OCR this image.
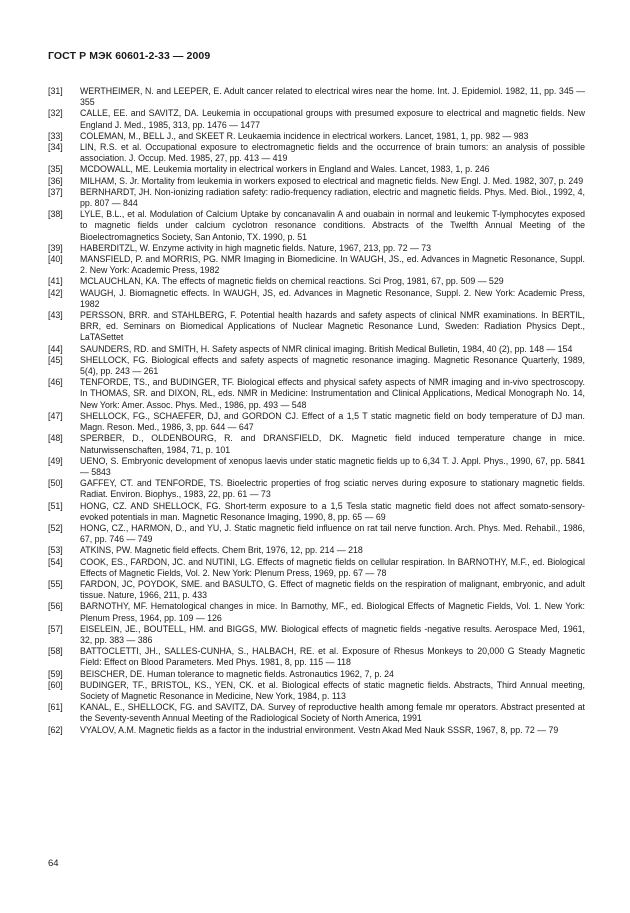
ГОСТ Р МЭК 60601-2-33 — 2009
[31]	WERTHEIMER, N. and LEEPER, E. Adult cancer related to electrical wires near the home. Int. J. Epidemiol. 1982, 11, pp. 345 — 355
[32]	CALLE, EE. and SAVITZ, DA. Leukemia in occupational groups with presumed exposure to electrical and magnetic fields. New England J. Med., 1985, 313, pp. 1476 — 1477
[33]	COLEMAN, M., BELL J., and SKEET R. Leukaemia incidence in electrical workers. Lancet, 1981, 1, pp. 982 — 983
[34]	LIN, R.S. et al. Occupational exposure to electromagnetic fields and the occurrence of brain tumors: an analysis of possible association. J. Occup. Med. 1985, 27, pp. 413 — 419
[35]	MCDOWALL, ME. Leukemia mortality in electrical workers in England and Wales. Lancet, 1983, 1, p. 246
[36]	MILHAM, S. Jr. Mortality from leukemia in workers exposed to electrical and magnetic fields. New Engl. J. Med. 1982, 307, p. 249
[37]	BERNHARDT, JH. Non-ionizing radiation safety: radio-frequency radiation, electric and magnetic fields. Phys. Med. Biol., 1992, 4, pp. 807 — 844
[38]	LYLE, B.L., et al. Modulation of Calcium Uptake by concanavalin A and ouabain in normal and leukemic T-lymphocytes exposed to magnetic fields under calcium cyclotron resonance conditions. Abstracts of the Twelfth Annual Meeting of the Bioelectromagnetics Society, San Antonio, TX. 1990, p. 51
[39]	HABERDITZL, W. Enzyme activity in high magnetic fields. Nature, 1967, 213, pp. 72 — 73
[40]	MANSFIELD, P. and MORRIS, PG. NMR Imaging in Biomedicine. In WAUGH, JS., ed. Advances in Magnetic Resonance, Suppl. 2. New York: Academic Press, 1982
[41]	MCLAUCHLAN, KA. The effects of magnetic fields on chemical reactions. Sci Prog, 1981, 67, pp. 509 — 529
[42]	WAUGH, J. Biomagnetic effects. In WAUGH, JS, ed. Advances in Magnetic Resonance, Suppl. 2. New York: Academic Press, 1982
[43]	PERSSON, BRR. and STAHLBERG, F. Potential health hazards and safety aspects of clinical NMR examinations. In BERTIL, BRR, ed. Seminars on Biomedical Applications of Nuclear Magnetic Resonance Lund, Sweden: Radiation Physics Dept., LaTASettet
[44]	SAUNDERS, RD. and SMITH, H. Safety aspects of NMR clinical imaging. British Medical Bulletin, 1984, 40 (2), pp. 148 — 154
[45]	SHELLOCK, FG. Biological effects and safety aspects of magnetic resonance imaging. Magnetic Resonance Quarterly, 1989, 5(4), pp. 243 — 261
[46]	TENFORDE, TS., and BUDINGER, TF. Biological effects and physical safety aspects of NMR imaging and in-vivo spectroscopy. In THOMAS, SR. and DIXON, RL, eds. NMR in Medicine: Instrumentation and Clinical Applications, Medical Monograph No. 14, New York: Amer. Assoc. Phys. Med., 1986, pp. 493 — 548
[47]	SHELLOCK, FG., SCHAEFER, DJ, and GORDON CJ. Effect of a 1,5 T static magnetic field on body temperature of DJ man. Magn. Reson. Med., 1986, 3, pp. 644 — 647
[48]	SPERBER, D., OLDENBOURG, R. and DRANSFIELD, DK. Magnetic field induced temperature change in mice. Naturwissenschaften, 1984, 71, p. 101
[49]	UENO, S. Embryonic development of xenopus laevis under static magnetic fields up to 6,34 T. J. Appl. Phys., 1990, 67, pp. 5841 — 5843
[50]	GAFFEY, CT. and TENFORDE, TS. Bioelectric properties of frog sciatic nerves during exposure to stationary magnetic fields. Radiat. Environ. Biophys., 1983, 22, pp. 61 — 73
[51]	HONG, CZ. AND SHELLOCK, FG. Short-term exposure to a 1,5 Tesla static magnetic field does not affect somato-sensory-evoked potentials in man. Magnetic Resonance Imaging, 1990, 8, pp. 65 — 69
[52]	HONG, CZ., HARMON, D., and YU, J. Static magnetic field influence on rat tail nerve function. Arch. Phys. Med. Rehabil., 1986, 67, pp. 746 — 749
[53]	ATKINS, PW. Magnetic field effects. Chem Brit, 1976, 12, pp. 214 — 218
[54]	COOK, ES., FARDON, JC. and NUTINI, LG. Effects of magnetic fields on cellular respiration. In BARNOTHY, M.F., ed. Biological Effects of Magnetic Fields, Vol. 2. New York: Plenum Press, 1969, pp. 67 — 78
[55]	FARDON, JC, POYDOK, SME. and BASULTO, G. Effect of magnetic fields on the respiration of malignant, embryonic, and adult tissue. Nature, 1966, 211, p. 433
[56]	BARNOTHY, MF. Hematological changes in mice. In Barnothy, MF., ed. Biological Effects of Magnetic Fields, Vol. 1. New York: Plenum Press, 1964, pp. 109 — 126
[57]	EISELEIN, JE., BOUTELL, HM. and BIGGS, MW. Biological effects of magnetic fields -negative results. Aerospace Med, 1961, 32, pp. 383 — 386
[58]	BATTOCLETTI, JH., SALLES-CUNHA, S., HALBACH, RE. et al. Exposure of Rhesus Monkeys to 20,000 G Steady Magnetic Field: Effect on Blood Parameters. Med Phys. 1981, 8, pp. 115 — 118
[59]	BEISCHER, DE. Human tolerance to magnetic fields. Astronautics 1962, 7, p. 24
[60]	BUDINGER, TF., BRISTOL, KS., YEN, CK. et al. Biological effects of static magnetic fields. Abstracts, Third Annual meeting, Society of Magnetic Resonance in Medicine, New York, 1984, p. 113
[61]	KANAL, E., SHELLOCK, FG. and SAVITZ, DA. Survey of reproductive health among female mr operators. Abstract presented at the Seventy-seventh Annual Meeting of the Radiological Society of North America, 1991
[62]	VYALOV, A.M. Magnetic fields as a factor in the industrial environment. Vestn Akad Med Nauk SSSR, 1967, 8, pp. 72 — 79
64
